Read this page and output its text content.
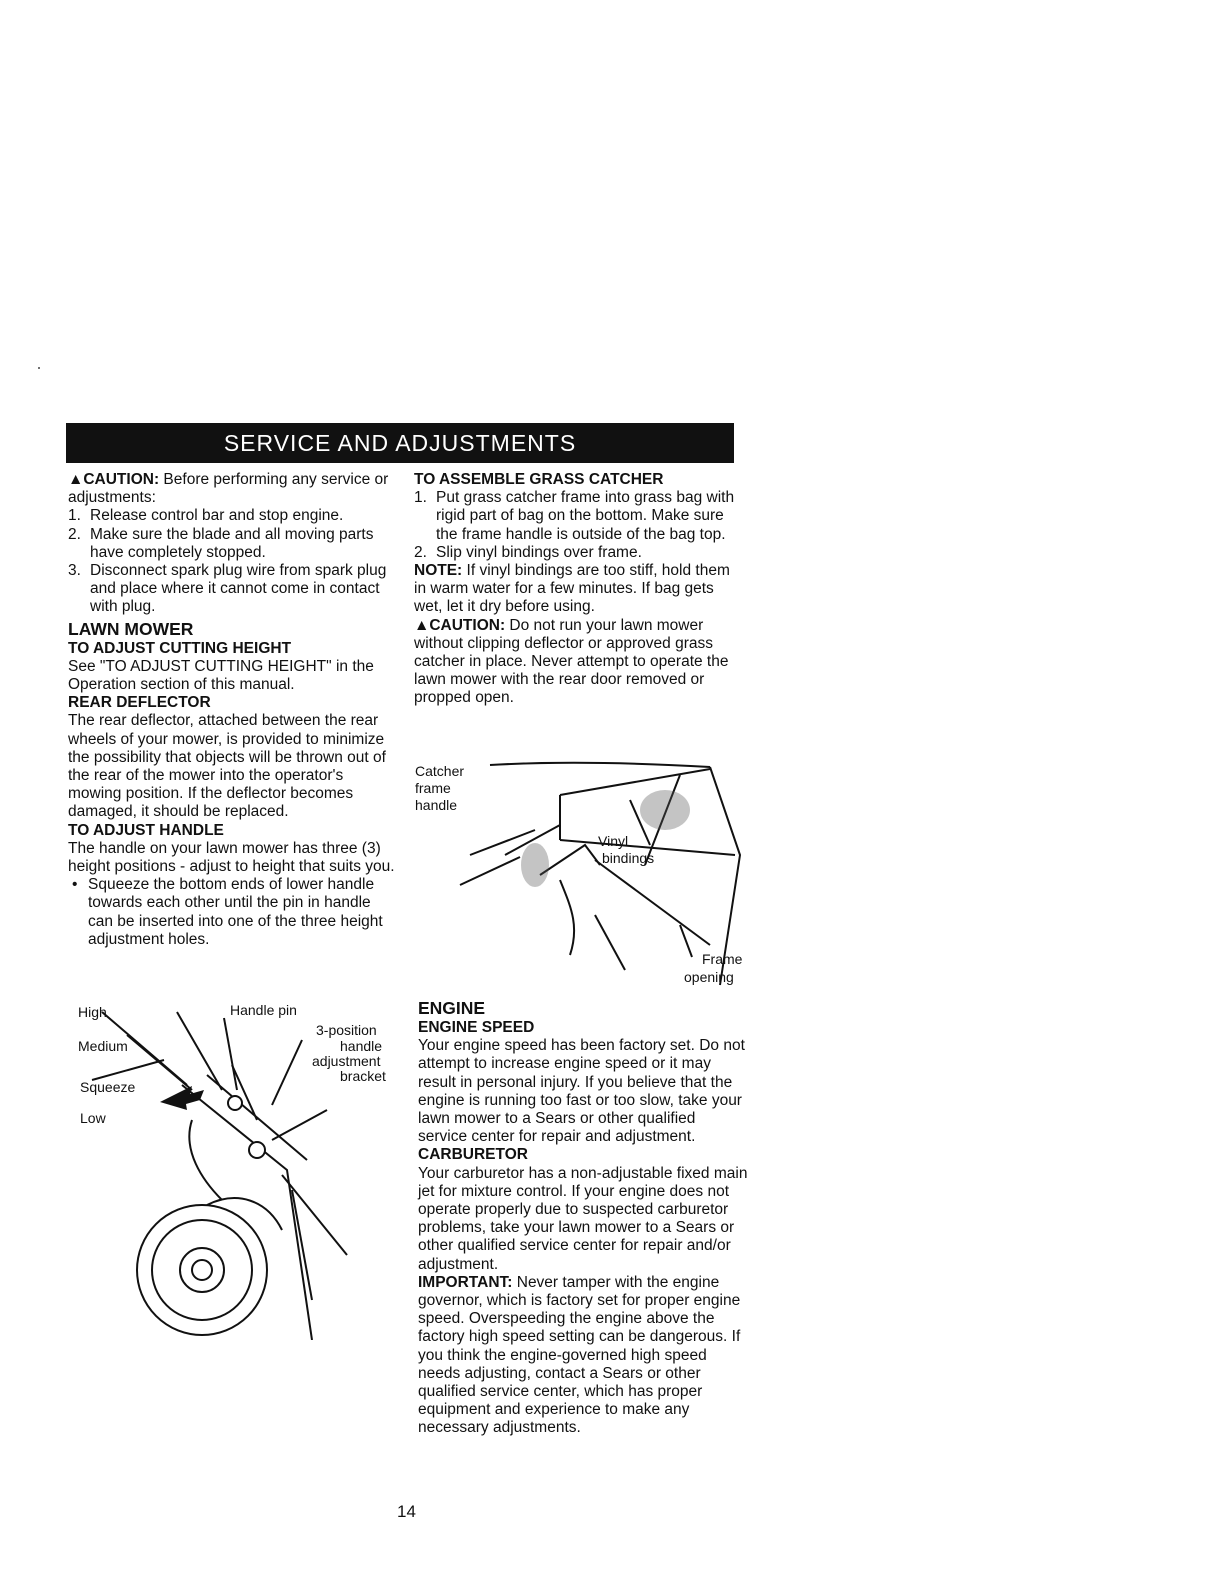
SERVICE AND ADJUSTMENTS

▲CAUTION: Before performing any service or adjustments:

1. Release control bar and stop engine.
2. Make sure the blade and all moving parts have completely stopped.
3. Disconnect spark plug wire from spark plug and place where it cannot come in contact with plug.

LAWN MOWER

TO ADJUST CUTTING HEIGHT

See "TO ADJUST CUTTING HEIGHT" in the Operation section of this manual.

REAR DEFLECTOR

The rear deflector, attached between the rear wheels of your mower, is provided to minimize the possibility that objects will be thrown out of the rear of the mower into the operator's mowing position. If the deflector becomes damaged, it should be replaced.

TO ADJUST HANDLE

The handle on your lawn mower has three (3) height positions - adjust to height that suits you.

• Squeeze the bottom ends of lower handle towards each other until the pin in handle can be inserted into one of the three height adjustment holes.

TO ASSEMBLE GRASS CATCHER

1. Put grass catcher frame into grass bag with rigid part of bag on the bottom. Make sure the frame handle is outside of the bag top.
2. Slip vinyl bindings over frame.

NOTE: If vinyl bindings are too stiff, hold them in warm water for a few minutes. If bag gets wet, let it dry before using.

▲CAUTION: Do not run your lawn mower without clipping deflector or approved grass catcher in place. Never attempt to operate the lawn mower with the rear door removed or propped open.

Catcher
frame
handle
Vinyl
bindings
Frame
opening
High
Medium
Squeeze
Low
Handle pin
3-position
handle
adjustment
bracket

ENGINE

ENGINE SPEED

Your engine speed has been factory set. Do not attempt to increase engine speed or it may result in personal injury. If you believe that the engine is running too fast or too slow, take your lawn mower to a Sears or other qualified service center for repair and adjustment.

CARBURETOR

Your carburetor has a non-adjustable fixed main jet for mixture control. If your engine does not operate properly due to suspected carburetor problems, take your lawn mower to a Sears or other qualified service center for repair and/or adjustment.

IMPORTANT: Never tamper with the engine governor, which is factory set for proper engine speed. Overspeeding the engine above the factory high speed setting can be dangerous. If you think the engine-governed high speed needs adjusting, contact a Sears or other qualified service center, which has proper equipment and experience to make any necessary adjustments.

14
